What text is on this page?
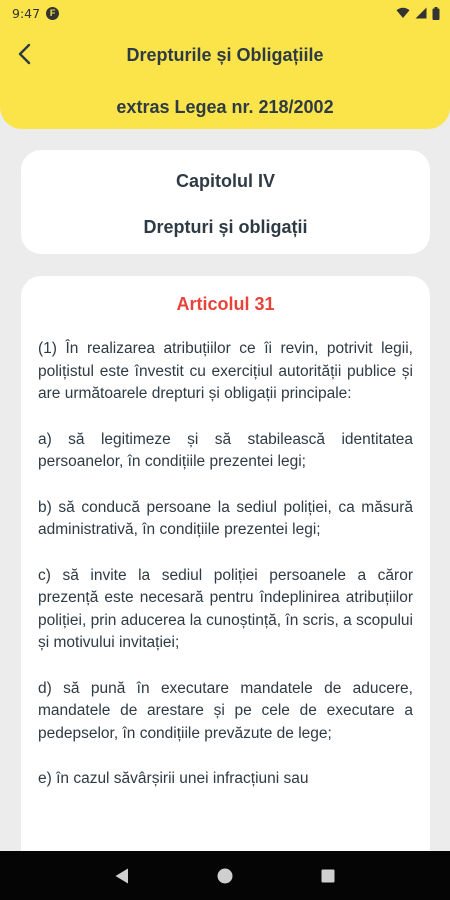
9:47	F
Drepturile și Obligațiile
extras Legea nr. 218/2002
Capitolul IV
Drepturi și obligații
Articolul 31

(1) În realizarea atribuțiilor ce îi revin, potrivit legii, polițistul este învestit cu exercițiul autorității publice și are următoarele drepturi și obligații principale:

a) să legitimeze și să stabilească identitatea persoanelor, în condițiile prezentei legi;

b) să conducă persoane la sediul poliției, ca măsură administrativă, în condițiile prezentei legi;

c) să invite la sediul poliției persoanele a căror prezență este necesară pentru îndeplinirea atribuțiilor poliției, prin aducerea la cunoștință, în scris, a scopului și motivului invitației;

d) să pună în executare mandatele de aducere, mandatele de arestare și pe cele de executare a pedepselor, în condițiile prevăzute de lege;

e) în cazul săvârșirii unei infracțiuni sau
